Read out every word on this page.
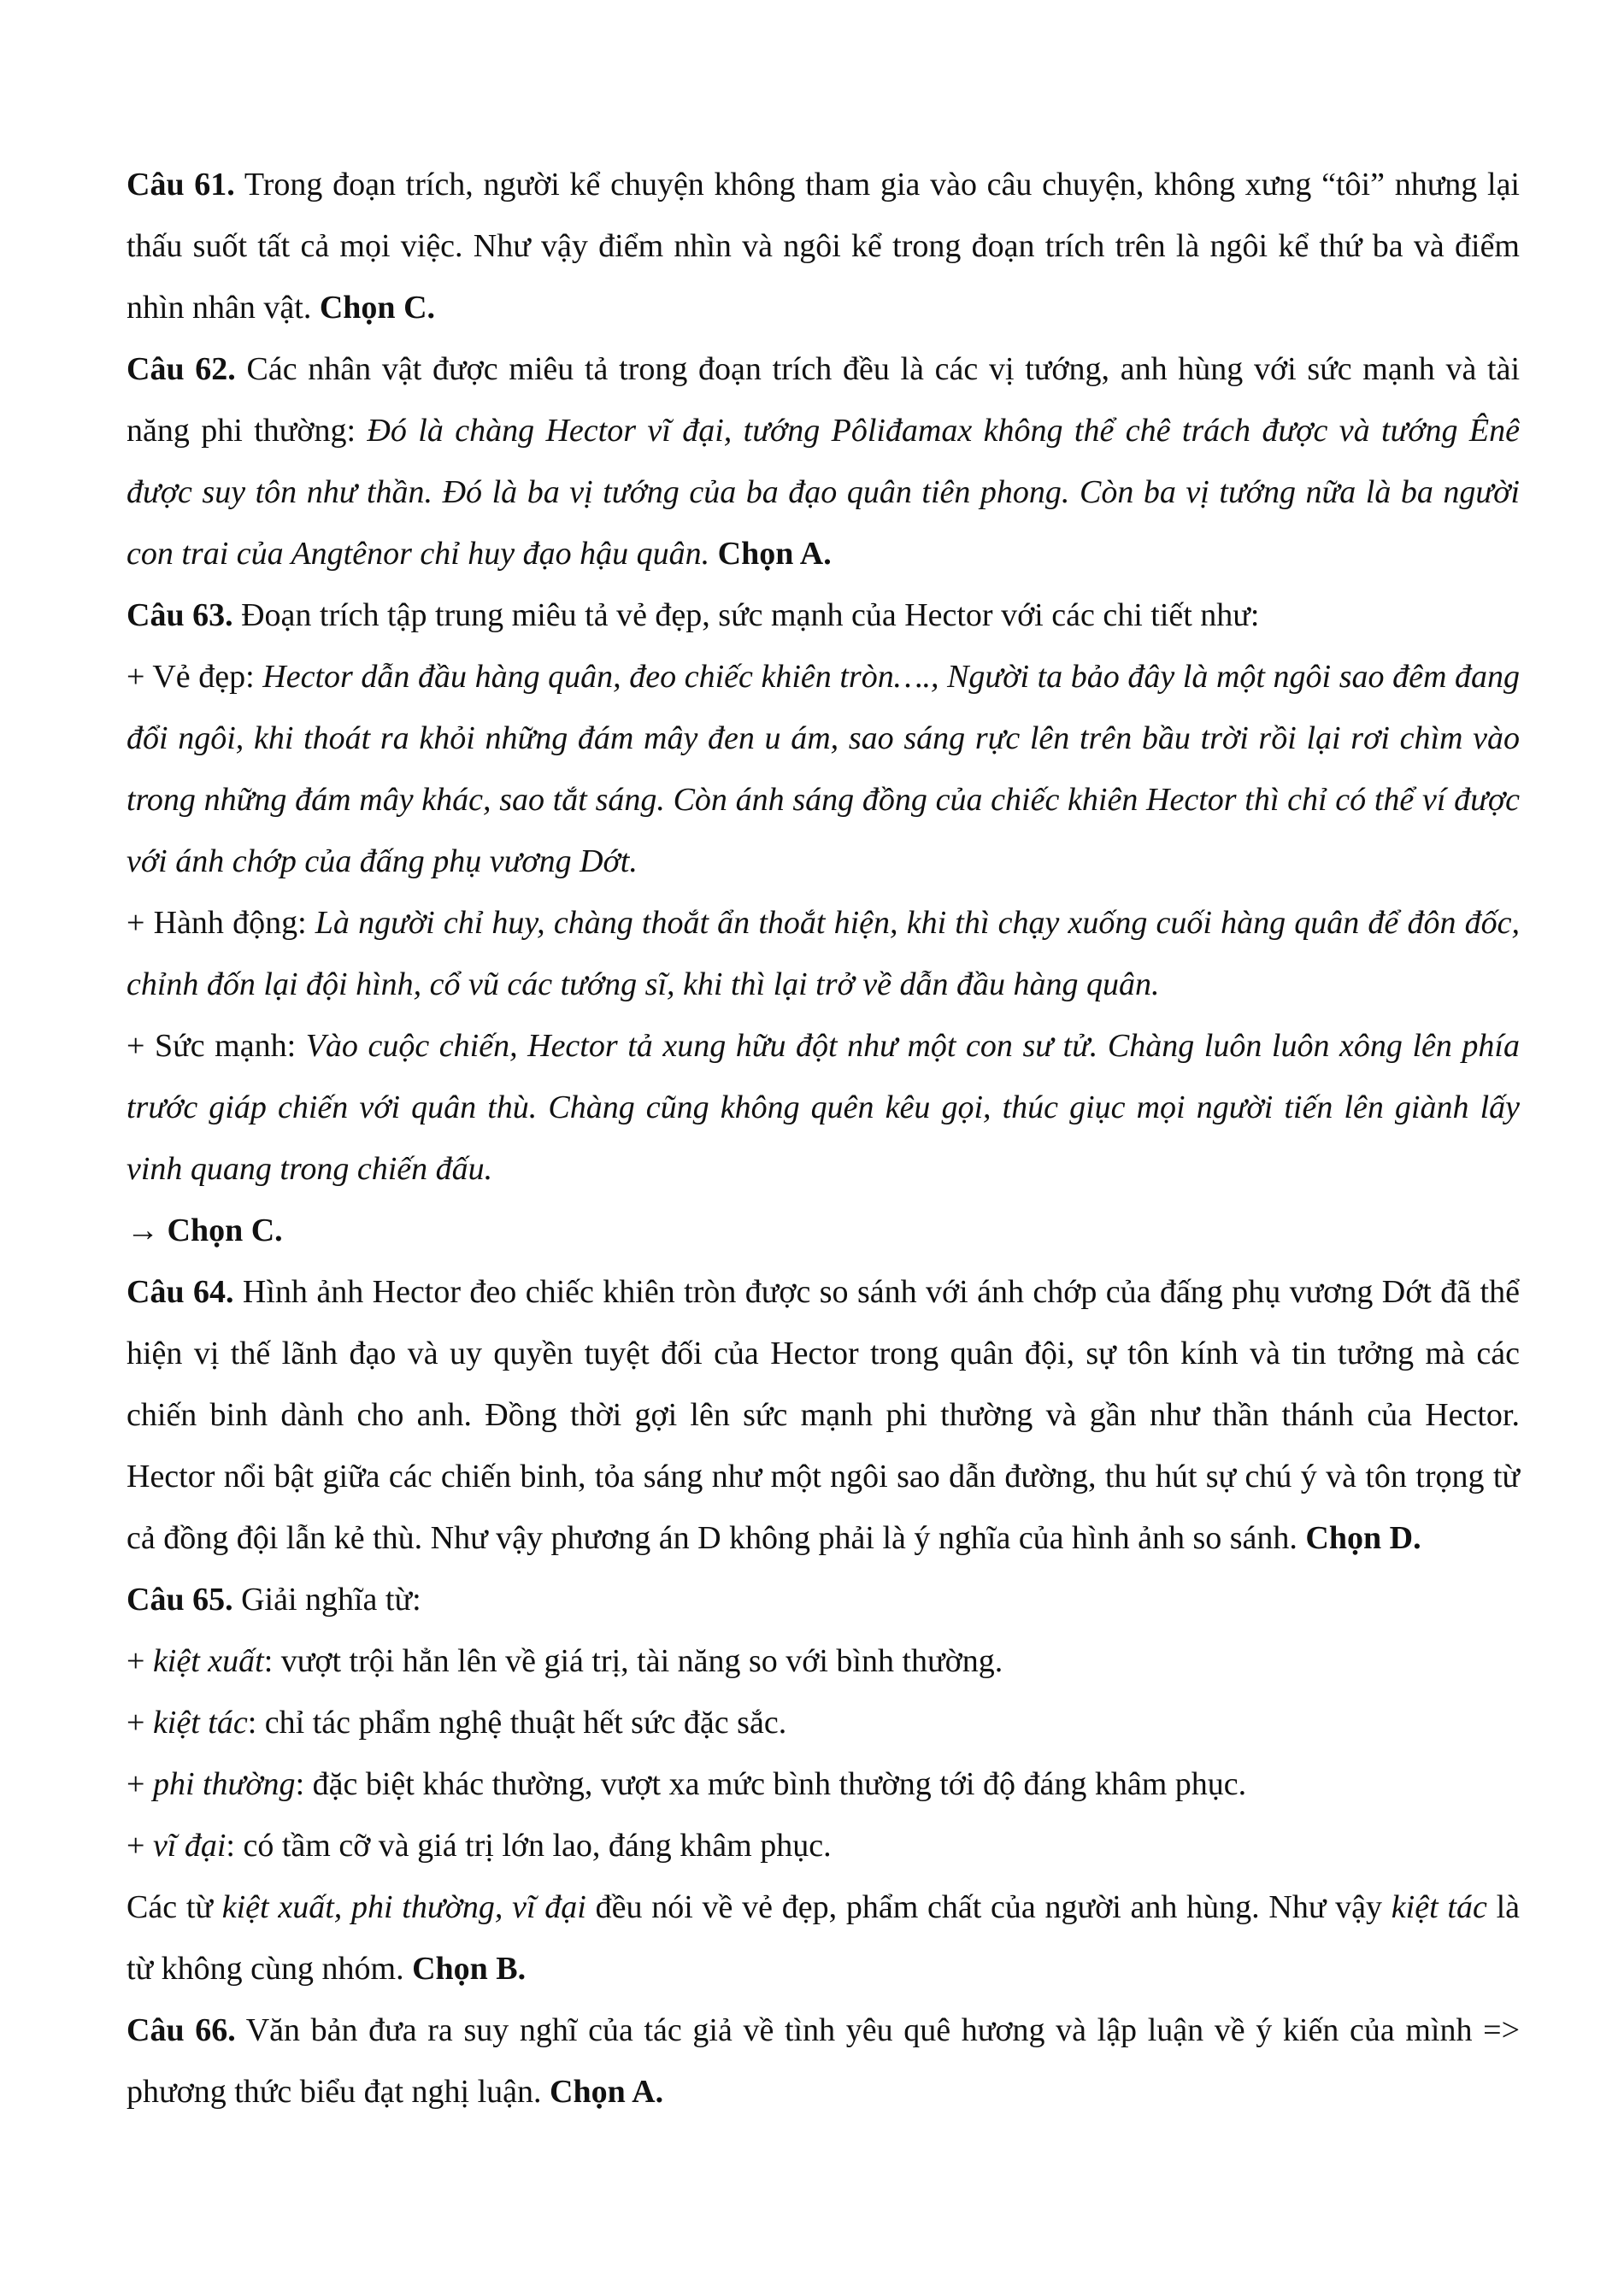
Câu 61. Trong đoạn trích, người kể chuyện không tham gia vào câu chuyện, không xưng “tôi” nhưng lại thấu suốt tất cả mọi việc. Như vậy điểm nhìn và ngôi kể trong đoạn trích trên là ngôi kể thứ ba và điểm nhìn nhân vật. Chọn C.

Câu 62. Các nhân vật được miêu tả trong đoạn trích đều là các vị tướng, anh hùng với sức mạnh và tài năng phi thường: Đó là chàng Hector vĩ đại, tướng Pôliđamax không thể chê trách được và tướng Ênê được suy tôn như thần. Đó là ba vị tướng của ba đạo quân tiên phong. Còn ba vị tướng nữa là ba người con trai của Angtênor chỉ huy đạo hậu quân. Chọn A.

Câu 63. Đoạn trích tập trung miêu tả vẻ đẹp, sức mạnh của Hector với các chi tiết như:

+ Vẻ đẹp: Hector dẫn đầu hàng quân, đeo chiếc khiên tròn…., Người ta bảo đây là một ngôi sao đêm đang đổi ngôi, khi thoát ra khỏi những đám mây đen u ám, sao sáng rực lên trên bầu trời rồi lại rơi chìm vào trong những đám mây khác, sao tắt sáng. Còn ánh sáng đồng của chiếc khiên Hector thì chỉ có thể ví được với ánh chớp của đấng phụ vương Dớt.

+ Hành động: Là người chỉ huy, chàng thoắt ẩn thoắt hiện, khi thì chạy xuống cuối hàng quân để đôn đốc, chỉnh đốn lại đội hình, cổ vũ các tướng sĩ, khi thì lại trở về dẫn đầu hàng quân.

+ Sức mạnh: Vào cuộc chiến, Hector tả xung hữu đột như một con sư tử. Chàng luôn luôn xông lên phía trước giáp chiến với quân thù. Chàng cũng không quên kêu gọi, thúc giục mọi người tiến lên giành lấy vinh quang trong chiến đấu.

→ Chọn C.

Câu 64. Hình ảnh Hector đeo chiếc khiên tròn được so sánh với ánh chớp của đấng phụ vương Dớt đã thể hiện vị thế lãnh đạo và uy quyền tuyệt đối của Hector trong quân đội, sự tôn kính và tin tưởng mà các chiến binh dành cho anh. Đồng thời gợi lên sức mạnh phi thường và gần như thần thánh của Hector. Hector nổi bật giữa các chiến binh, tỏa sáng như một ngôi sao dẫn đường, thu hút sự chú ý và tôn trọng từ cả đồng đội lẫn kẻ thù. Như vậy phương án D không phải là ý nghĩa của hình ảnh so sánh. Chọn D.

Câu 65. Giải nghĩa từ:

+ kiệt xuất: vượt trội hẳn lên về giá trị, tài năng so với bình thường.

+ kiệt tác: chỉ tác phẩm nghệ thuật hết sức đặc sắc.

+ phi thường: đặc biệt khác thường, vượt xa mức bình thường tới độ đáng khâm phục.

+ vĩ đại: có tầm cỡ và giá trị lớn lao, đáng khâm phục.

Các từ kiệt xuất, phi thường, vĩ đại đều nói về vẻ đẹp, phẩm chất của người anh hùng. Như vậy kiệt tác là từ không cùng nhóm. Chọn B.

Câu 66. Văn bản đưa ra suy nghĩ của tác giả về tình yêu quê hương và lập luận về ý kiến của mình => phương thức biểu đạt nghị luận. Chọn A.
